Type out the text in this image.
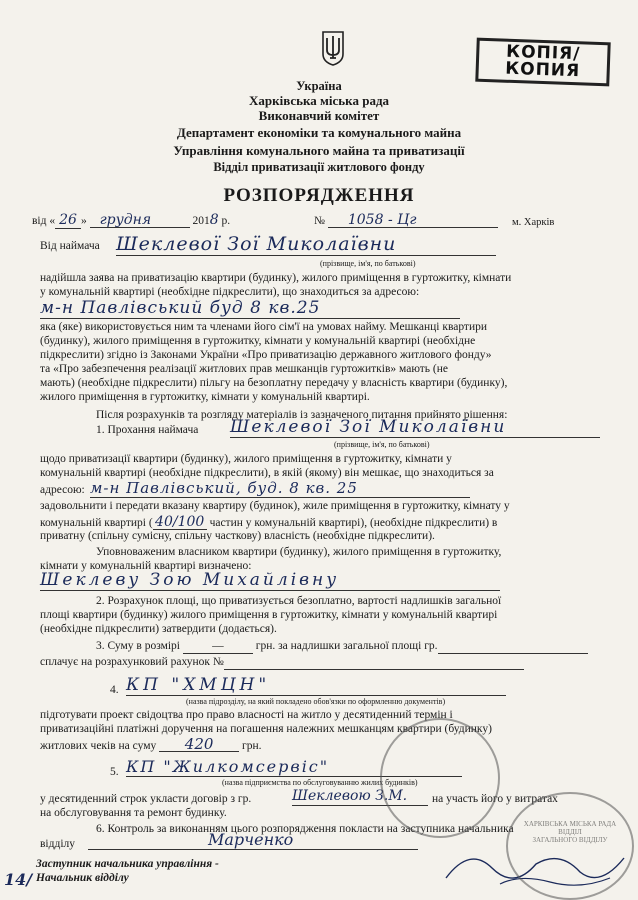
КОПІЯ/
КОПИЯ
Україна
Харківська міська рада
Виконавчий комітет
Департамент економіки та комунального майна
Управління комунального майна та приватизації
Відділ приватизації житлового фонду
РОЗПОРЯДЖЕННЯ
від « 26 » грудня	2018 р.	№ 1058 - Цг	м. Харків
Від наймача Шеклевої Зої Миколаївни
(прізвище, ім'я, по батькові)
надійшла заява на приватизацію квартири (будинку), жилого приміщення в гуртожитку, кімнати
у комунальній квартирі (необхідне підкреслити), що знаходиться за адресою:
м-н Павлівський буд 8 кв.25
яка (яке) використовується ним та членами його сім'ї на умовах найму. Мешканці квартири
(будинку), жилого приміщення в гуртожитку, кімнати у комунальній квартирі (необхідне
підкреслити) згідно із Законами України «Про приватизацію державного житлового фонду»
та «Про забезпечення реалізації житлових прав мешканців гуртожитків» мають (не
мають) (необхідне підкреслити) пільгу на безоплатну передачу у власність квартири (будинку),
жилого приміщення в гуртожитку, кімнати у комунальній квартирі.
Після розрахунків та розгляду матеріалів із зазначеного питання прийнято рішення:
1. Прохання наймача Шеклевої Зої Миколаївни
(прізвище, ім'я, по батькові)
щодо приватизації квартири (будинку), жилого приміщення в гуртожитку, кімнати у
комунальній квартирі (необхідне підкреслити), в якій (якому) він мешкає, що знаходиться за
адресою: м-н Павлівський, буд. 8 кв. 25
задовольнити і передати вказану квартиру (будинок), жиле приміщення в гуртожитку, кімнату у
комунальній квартирі ( 40/100 частин у комунальній квартирі), (необхідне підкреслити) в
приватну (спільну сумісну, спільну часткову) власність (необхідне підкреслити).
Уповноваженим власником квартири (будинку), жилого приміщення в гуртожитку,
кімнати у комунальній квартирі визначено:
Шеклеву Зою Михайлівну
2. Розрахунок площі, що приватизується безоплатно, вартості надлишків загальної
площі квартири (будинку) жилого приміщення в гуртожитку, кімнати у комунальній квартирі
(необхідне підкреслити) затвердити (додається).
3. Суму в розмірі	—	грн. за надлишки загальної площі гр.
сплачує на розрахунковий рахунок №
4. КП "ХМЦН"
(назва підрозділу, на який покладено обов'язки по оформленню документів)
підготувати проект свідоцтва про право власності на житло у десятиденний термін і
приватизаційні платіжні доручення на погашення належних мешканцям квартири (будинку)
житлових чеків на суму 420 грн.
5. КП "Жилкомсервіс"
(назва підприємства по обслуговуванню жилих будинків)
у десятиденний строк укласти договір з гр.	Шеклевою З.М.	на участь його у витратах
на обслуговування та ремонт будинку.
6. Контроль за виконанням цього розпорядження покласти на заступника начальника
відділу	Марченко
Заступник начальника управління -
Начальник відділу
14/
ХАРКІВСЬКА МІСЬКА РАДА
ВІДДІЛ
ЗАГАЛЬНОГО ВІДДІЛУ
